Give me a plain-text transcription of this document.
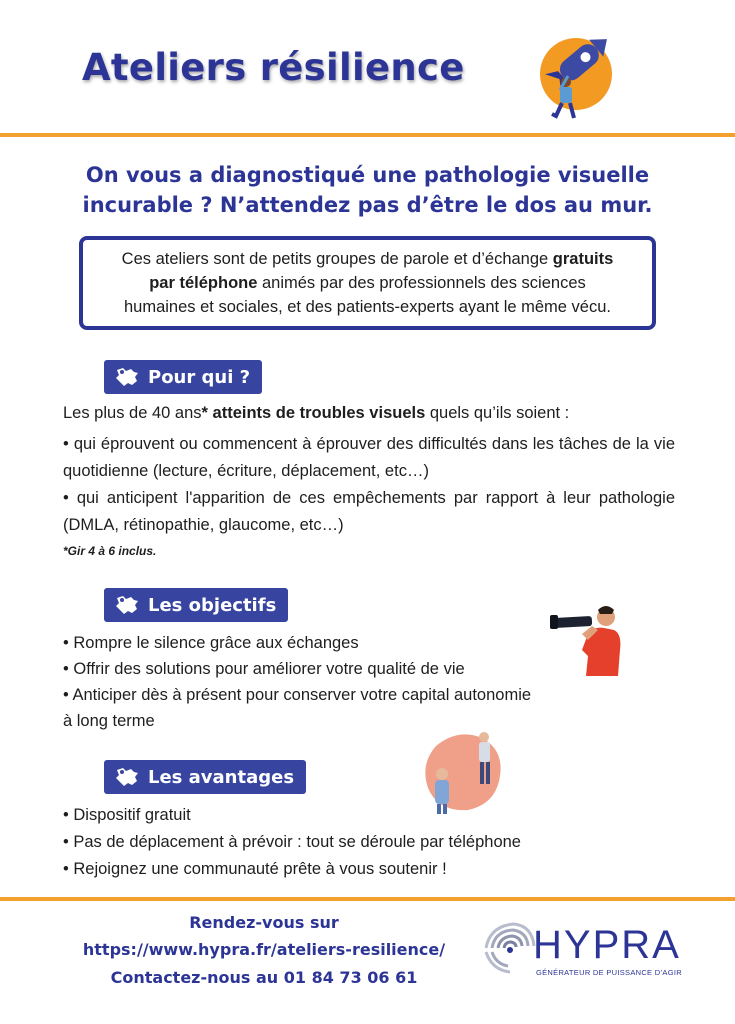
Ateliers résilience
On vous a diagnostiqué une pathologie visuelle
incurable ? N’attendez pas d’être le dos au mur.
Ces ateliers sont de petits groupes de parole et d’échange gratuits
par téléphone animés par des professionnels des sciences
humaines et sociales, et des patients-experts ayant le même vécu.
Pour qui ?
Les plus de 40 ans* atteints de troubles visuels quels qu’ils soient :
• qui éprouvent ou commencent à éprouver des difficultés dans les tâches de la vie quotidienne (lecture, écriture, déplacement, etc…)
• qui anticipent l'apparition de ces empêchements par rapport à leur pathologie (DMLA, rétinopathie, glaucome, etc…)
*Gir 4 à 6 inclus.
Les objectifs
• Rompre le silence grâce aux échanges
• Offrir des solutions pour améliorer votre qualité de vie
• Anticiper dès à présent pour conserver votre capital autonomie
à long terme
Les avantages
• Dispositif gratuit
• Pas de déplacement à prévoir : tout se déroule par téléphone
• Rejoignez une communauté prête à vous soutenir !
Rendez-vous sur
https://www.hypra.fr/ateliers-resilience/
Contactez-nous au 01 84 73 06 61
HYPRA
GÉNÉRATEUR DE PUISSANCE D’AGIR
